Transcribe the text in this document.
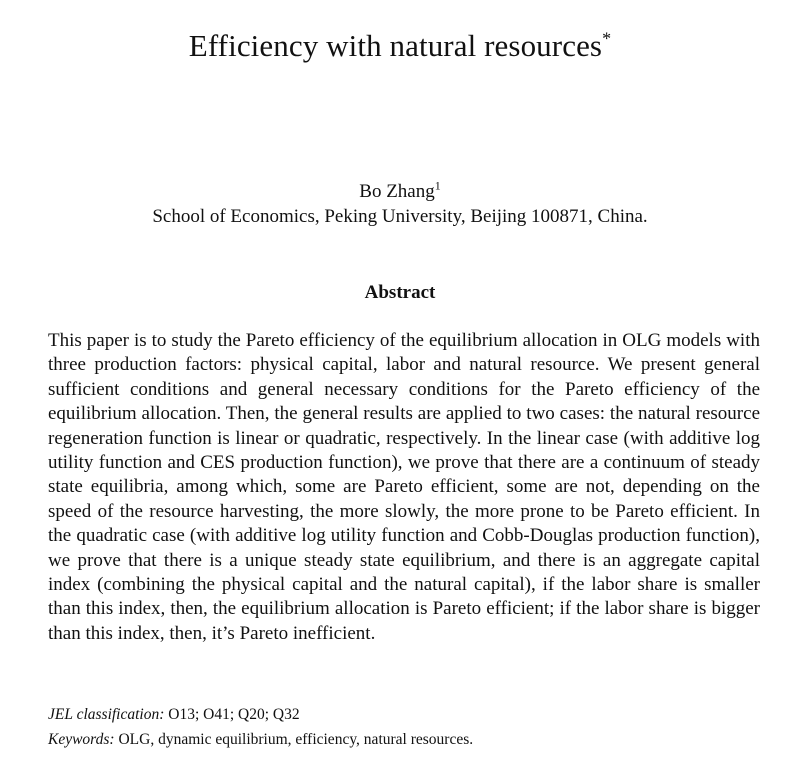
Efficiency with natural resources*
Bo Zhang$^1$
School of Economics, Peking University, Beijing 100871, China.
Abstract

This paper is to study the Pareto efficiency of the equilibrium allocation in OLG models with three production factors: physical capital, labor and natural resource. We present general sufficient conditions and general necessary conditions for the Pareto efficiency of the equilibrium allocation. Then, the general results are applied to two cases: the natural resource regeneration function is linear or quadratic, respectively. In the linear case (with additive log utility function and CES production function), we prove that there are a continuum of steady state equilibria, among which, some are Pareto efficient, some are not, depending on the speed of the resource harvesting, the more slowly, the more prone to be Pareto efficient. In the quadratic case (with additive log utility function and Cobb-Douglas production function), we prove that there is a unique steady state equilibrium, and there is an aggregate capital index (combining the physical capital and the natural capital), if the labor share is smaller than this index, then, the equilibrium allocation is Pareto efficient; if the labor share is bigger than this index, then, it’s Pareto inefficient.

JEL classification: O13; O41; Q20; Q32
Keywords: OLG, dynamic equilibrium, efficiency, natural resources.
